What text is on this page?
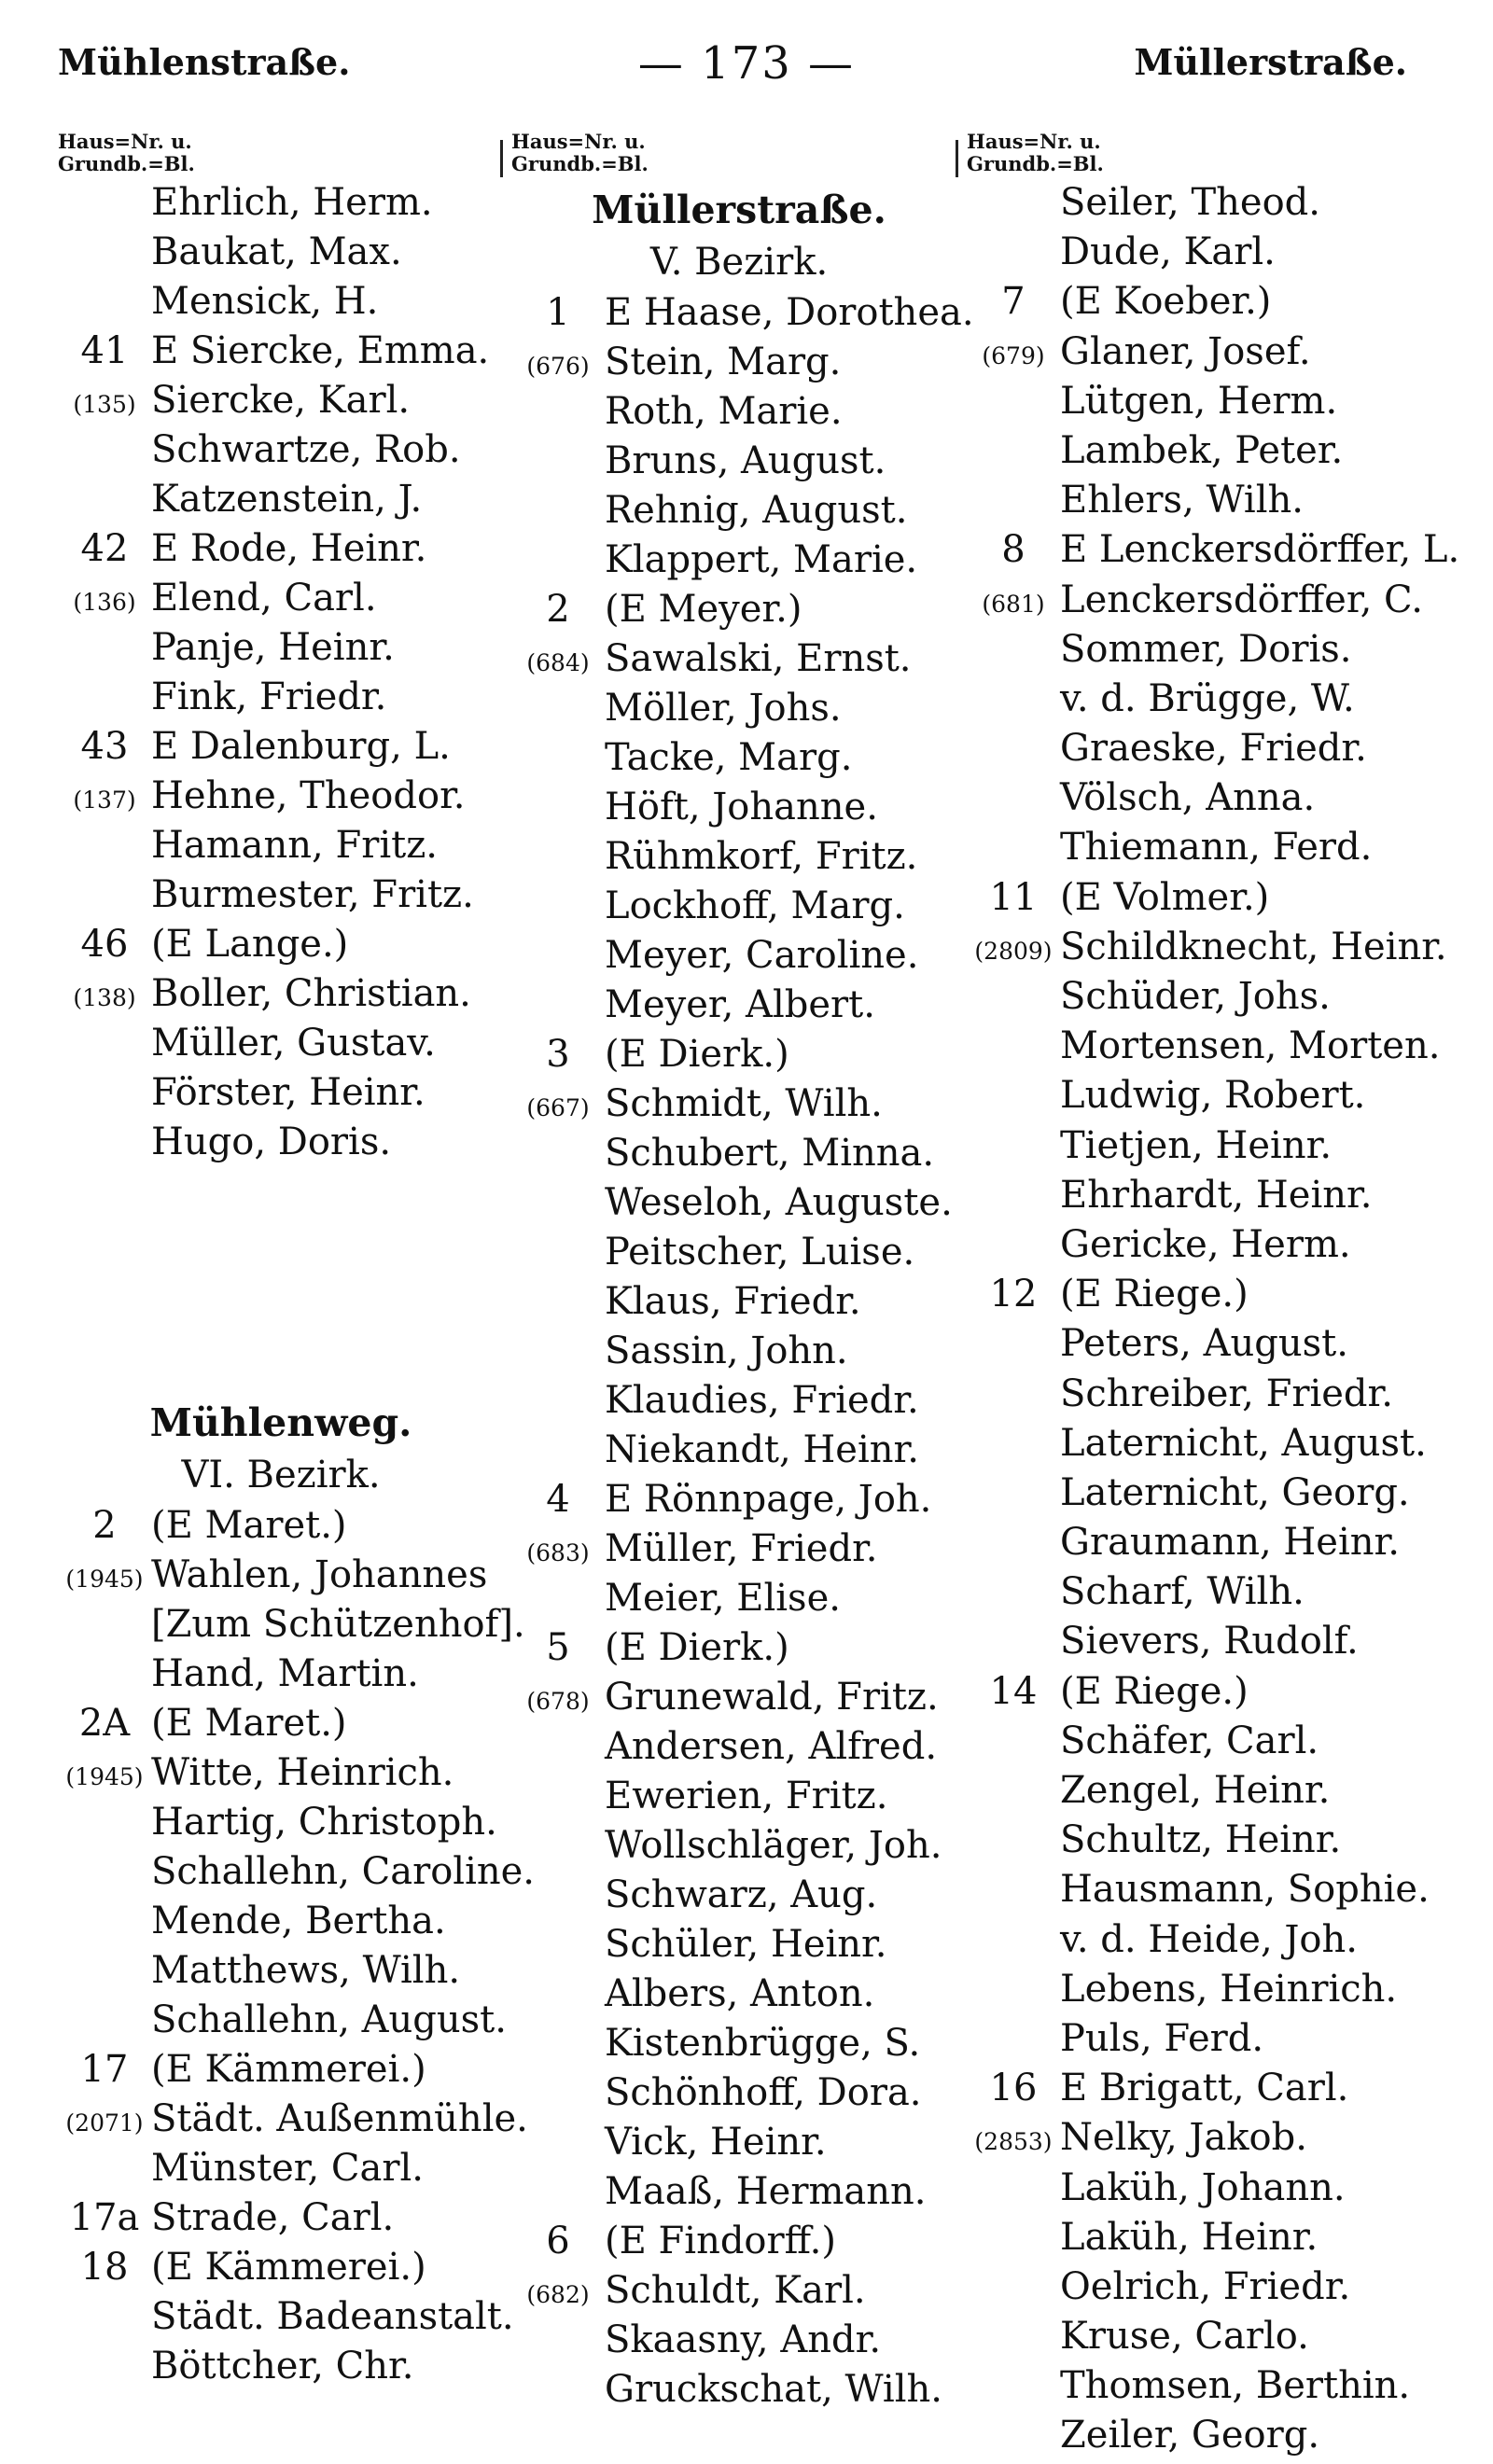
Mühlenstraße.	— 173 —	Müllerstraße.
Haus=Nr. u.
Grundb.=Bl.
Ehrlich, Herm.
Baukat, Max.
Mensick, H.
41 E Siercke, Emma.
(135) Siercke, Karl.
Schwartze, Rob.
Katzenstein, J.
42 E Rode, Heinr.
(136) Elend, Carl.
Panje, Heinr.
Fink, Friedr.
43 E Dalenburg, L.
(137) Hehne, Theodor.
Hamann, Fritz.
Burmester, Fritz.
46 (E Lange.)
(138) Boller, Christian.
Müller, Gustav.
Förster, Heinr.
Hugo, Doris.
Mühlenweg.
VI. Bezirk.
2 (E Maret.)
(1945) Wahlen, Johannes
[Zum Schützenhof].
Hand, Martin.
2A (E Maret.)
(1945) Witte, Heinrich.
Hartig, Christoph.
Schallehn, Caroline.
Mende, Bertha.
Matthews, Wilh.
Schallehn, August.
17 (E Kämmerei.)
(2071) Städt. Außenmühle.
Münster, Carl.
17a Strade, Carl.
18 (E Kämmerei.)
Städt. Badeanstalt.
Böttcher, Chr.
Haus=Nr. u.
Grundb.=Bl.
Müllerstraße.
V. Bezirk.
1 E Haase, Dorothea.
(676) Stein, Marg.
Roth, Marie.
Bruns, August.
Rehnig, August.
Klappert, Marie.
2 (E Meyer.)
(684) Sawalski, Ernst.
Möller, Johs.
Tacke, Marg.
Höft, Johanne.
Rühmkorf, Fritz.
Lockhoff, Marg.
Meyer, Caroline.
Meyer, Albert.
3 (E Dierk.)
(667) Schmidt, Wilh.
Schubert, Minna.
Weseloh, Auguste.
Peitscher, Luise.
Klaus, Friedr.
Sassin, John.
Klaudies, Friedr.
Niekandt, Heinr.
4 E Rönnpage, Joh.
(683) Müller, Friedr.
Meier, Elise.
5 (E Dierk.)
(678) Grunewald, Fritz.
Andersen, Alfred.
Ewerien, Fritz.
Wollschläger, Joh.
Schwarz, Aug.
Schüler, Heinr.
Albers, Anton.
Kistenbrügge, S.
Schönhoff, Dora.
Vick, Heinr.
Maaß, Hermann.
6 (E Findorff.)
(682) Schuldt, Karl.
Skaasny, Andr.
Gruckschat, Wilh.
Haus=Nr. u.
Grundb.=Bl.
Seiler, Theod.
Dude, Karl.
7 (E Koeber.)
(679) Glaner, Josef.
Lütgen, Herm.
Lambek, Peter.
Ehlers, Wilh.
8 E Lenckersdörffer, L.
(681) Lenckersdörffer, C.
Sommer, Doris.
v. d. Brügge, W.
Graeske, Friedr.
Völsch, Anna.
Thiemann, Ferd.
11 (E Volmer.)
(2809) Schildknecht, Heinr.
Schüder, Johs.
Mortensen, Morten.
Ludwig, Robert.
Tietjen, Heinr.
Ehrhardt, Heinr.
Gericke, Herm.
12 (E Riege.)
Peters, August.
Schreiber, Friedr.
Laternicht, August.
Laternicht, Georg.
Graumann, Heinr.
Scharf, Wilh.
Sievers, Rudolf.
14 (E Riege.)
Schäfer, Carl.
Zengel, Heinr.
Schultz, Heinr.
Hausmann, Sophie.
v. d. Heide, Joh.
Lebens, Heinrich.
Puls, Ferd.
16 E Brigatt, Carl.
(2853) Nelky, Jakob.
Laküh, Johann.
Laküh, Heinr.
Oelrich, Friedr.
Kruse, Carlo.
Thomsen, Berthin.
Zeiler, Georg.
